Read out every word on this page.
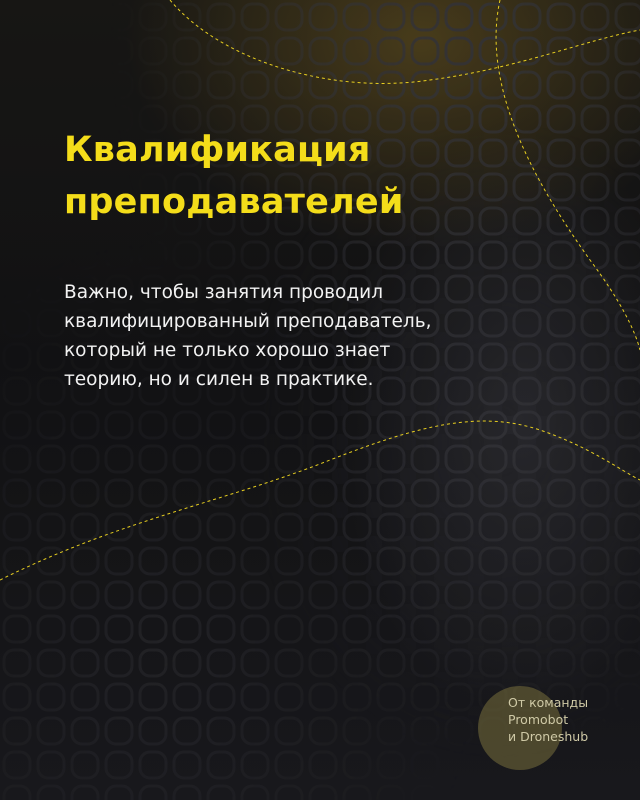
Квалификация
преподавателей

Важно, чтобы занятия проводил
квалифицированный преподаватель,
который не только хорошо знает
теорию, но и силен в практике.

От команды
Promobot
и Droneshub
